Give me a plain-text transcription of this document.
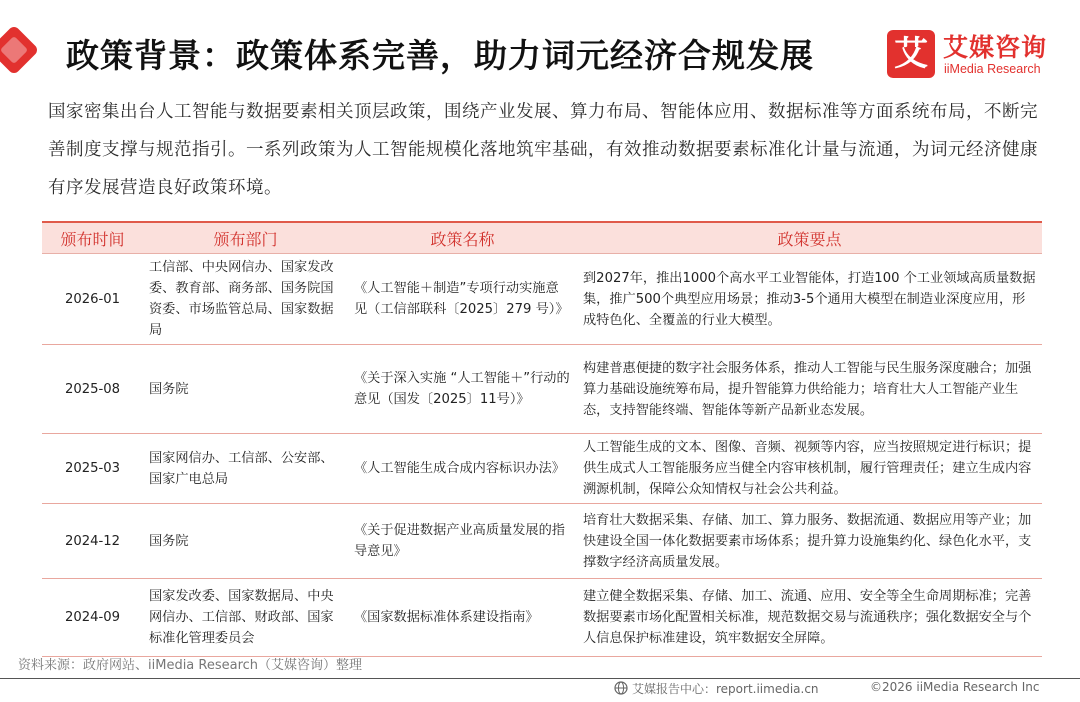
政策背景：政策体系完善，助力词元经济合规发展 艾 艾媒咨询
iiMedia Research
国家密集出台人工智能与数据要素相关顶层政策，围绕产业发展、算力布局、智能体应用、数据标准等方面系统布局，不断完善制度支撑与规范指引。一系列政策为人工智能规模化落地筑牢基础，有效推动数据要素标准化计量与流通，为词元经济健康有序发展营造良好政策环境。
颁布时间	颁布部门	政策名称	政策要点
2026-01	工信部、中央网信办、国家发改委、教育部、商务部、国务院国资委、市场监管总局、国家数据局	《人工智能＋制造”专项行动实施意见（工信部联科〔2025〕279 号）》	到2027年，推出1000个高水平工业智能体，打造100 个工业领域高质量数据集，推广500个典型应用场景；推动3-5个通用大模型在制造业深度应用，形成特色化、全覆盖的行业大模型。
2025-08	国务院	《关于深入实施 “人工智能＋”行动的意见（国发〔2025〕11号）》	构建普惠便捷的数字社会服务体系，推动人工智能与民生服务深度融合；加强算力基础设施统筹布局，提升智能算力供给能力；培育壮大人工智能产业生态，支持智能终端、智能体等新产品新业态发展。
2025-03	国家网信办、工信部、公安部、国家广电总局	《人工智能生成合成内容标识办法》	人工智能生成的文本、图像、音频、视频等内容，应当按照规定进行标识；提供生成式人工智能服务应当健全内容审核机制，履行管理责任；建立生成内容溯源机制，保障公众知情权与社会公共利益。
2024-12	国务院	《关于促进数据产业高质量发展的指导意见》	培育壮大数据采集、存储、加工、算力服务、数据流通、数据应用等产业；加快建设全国一体化数据要素市场体系；提升算力设施集约化、绿色化水平，支撑数字经济高质量发展。
2024-09	国家发改委、国家数据局、中央网信办、工信部、财政部、国家标准化管理委员会	《国家数据标准体系建设指南》	建立健全数据采集、存储、加工、流通、应用、安全等全生命周期标准；完善数据要素市场化配置相关标准，规范数据交易与流通秩序；强化数据安全与个人信息保护标准建设，筑牢数据安全屏障。
资料来源：政府网站、iiMedia Research（艾媒咨询）整理
艾媒报告中心：report.iimedia.cn	©2026 iiMedia Research Inc
